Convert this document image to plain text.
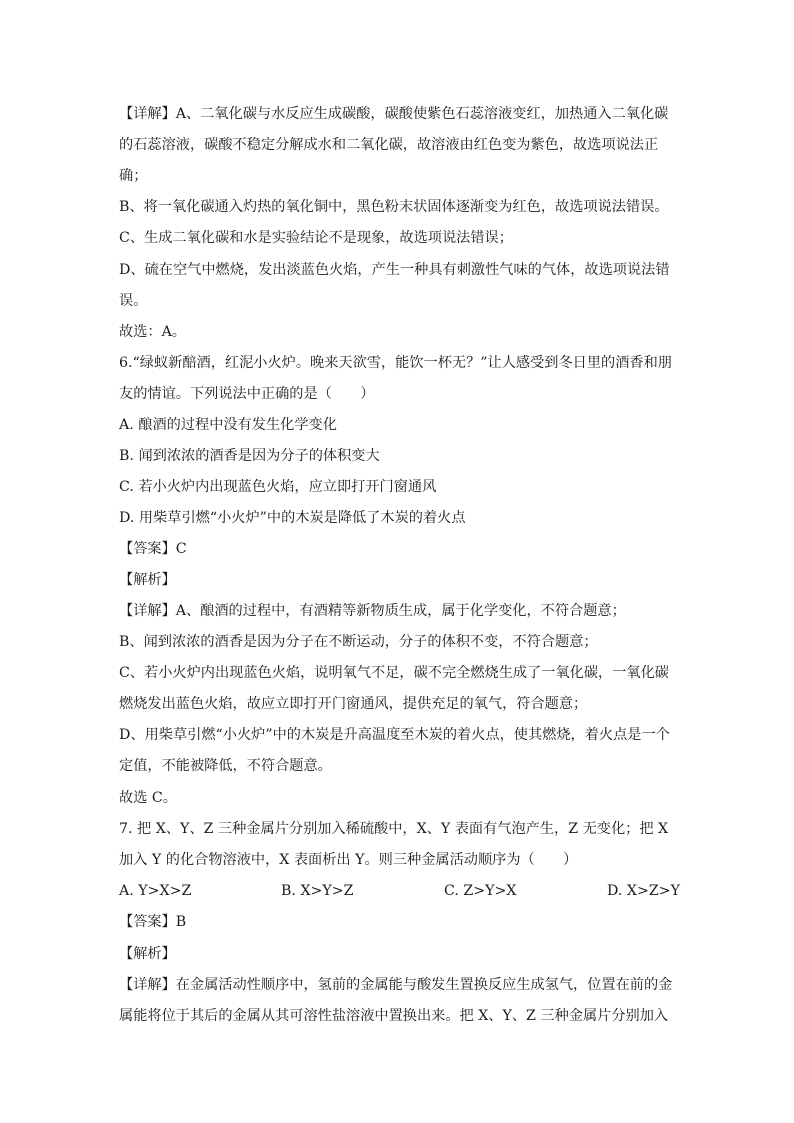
【详解】A、二氧化碳与水反应生成碳酸，碳酸使紫色石蕊溶液变红，加热通入二氧化碳
的石蕊溶液，碳酸不稳定分解成水和二氧化碳，故溶液由红色变为紫色，故选项说法正
确；
B、将一氧化碳通入灼热的氧化铜中，黑色粉末状固体逐渐变为红色，故选项说法错误。
C、生成二氧化碳和水是实验结论不是现象，故选项说法错误；
D、硫在空气中燃烧，发出淡蓝色火焰，产生一种具有刺激性气味的气体，故选项说法错
误。
故选：A。
6.“绿蚁新醅酒，红泥小火炉。晚来天欲雪，能饮一杯无？”让人感受到冬日里的酒香和朋
友的情谊。下列说法中正确的是（　　）
A. 酿酒的过程中没有发生化学变化
B. 闻到浓浓的酒香是因为分子的体积变大
C. 若小火炉内出现蓝色火焰，应立即打开门窗通风
D. 用柴草引燃“小火炉”中的木炭是降低了木炭的着火点
【答案】C
【解析】
【详解】A、酿酒的过程中，有酒精等新物质生成，属于化学变化，不符合题意；
B、闻到浓浓的酒香是因为分子在不断运动，分子的体积不变，不符合题意；
C、若小火炉内出现蓝色火焰，说明氧气不足，碳不完全燃烧生成了一氧化碳，一氧化碳
燃烧发出蓝色火焰，故应立即打开门窗通风，提供充足的氧气，符合题意；
D、用柴草引燃“小火炉”中的木炭是升高温度至木炭的着火点，使其燃烧，着火点是一个
定值，不能被降低，不符合题意。
故选 C。
7. 把 X、Y、Z 三种金属片分别加入稀硫酸中，X、Y 表面有气泡产生，Z 无变化；把 X
加入 Y 的化合物溶液中，X 表面析出 Y。则三种金属活动顺序为（　　）
A. Y>X>Z	B. X>Y>Z	C. Z>Y>X	D. X>Z>Y
【答案】B
【解析】
【详解】在金属活动性顺序中，氢前的金属能与酸发生置换反应生成氢气，位置在前的金
属能将位于其后的金属从其可溶性盐溶液中置换出来。把 X、Y、Z 三种金属片分别加入
